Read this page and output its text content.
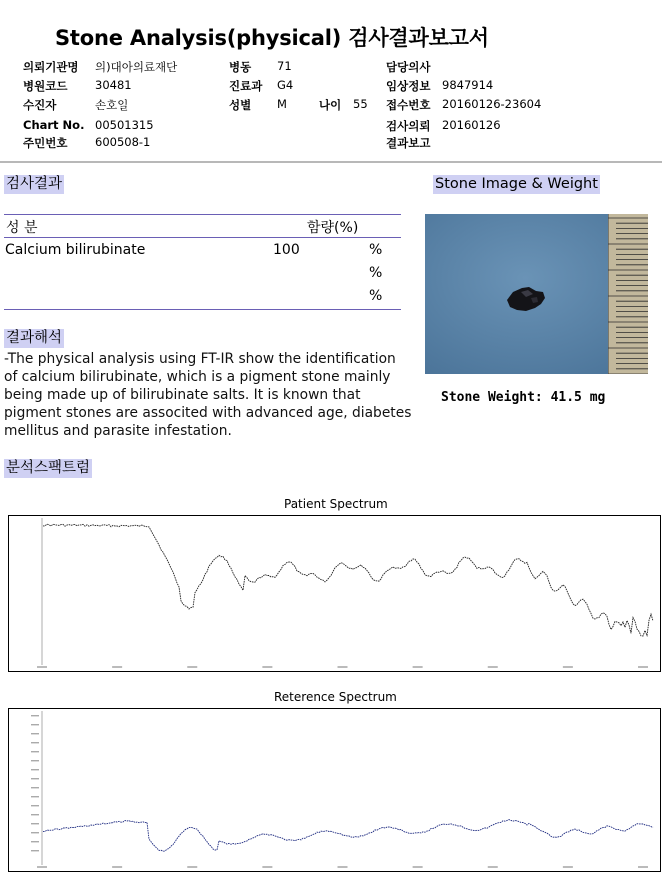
Stone Analysis(physical) 검사결과보고서
의뢰기관명 의)대아의료재단
병원코드 30481
수진자	손호일
Chart No. 00501315
주민번호 600508-1
병동 71
진료과 G4
성별 M	나이 55
담당의사
임상정보 9847914
접수번호 20160126-23604
검사의뢰 20160126
결과보고
검사결과
성 분	함량(%)
Calcium bilirubinate	100	%
%
%
결과해석
-The physical analysis using FT-IR show the identification of calcium bilirubinate, which is a pigment stone mainly being made up of bilirubinate salts. It is known that pigment stones are associted with advanced age, diabetes mellitus and parasite infestation.
Stone Image & Weight
Stone Weight: 41.5 mg
분석스팩트럼
Patient Spectrum
Reterence Spectrum
